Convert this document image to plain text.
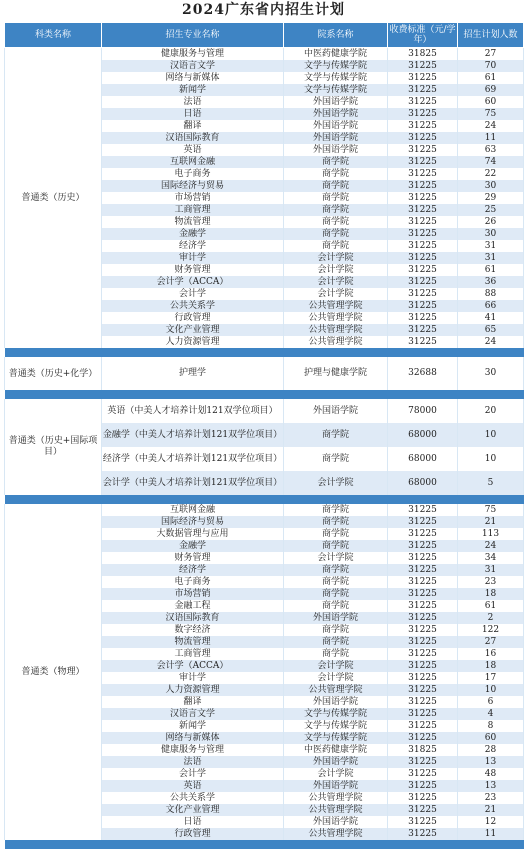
2024广东省内招生计划
科类名称	招生专业名称	院系名称	收费标准（元/学年）	招生计划人数
普通类（历史）	健康服务与管理	中医药健康学院	31825	27
	汉语言文学	文学与传媒学院	31225	70
	网络与新媒体	文学与传媒学院	31225	61
	新闻学	文学与传媒学院	31225	69
	法语	外国语学院	31225	60
	日语	外国语学院	31225	75
	翻译	外国语学院	31225	24
	汉语国际教育	外国语学院	31225	11
	英语	外国语学院	31225	63
	互联网金融	商学院	31225	74
	电子商务	商学院	31225	22
	国际经济与贸易	商学院	31225	30
	市场营销	商学院	31225	29
	工商管理	商学院	31225	25
	物流管理	商学院	31225	26
	金融学	商学院	31225	30
	经济学	商学院	31225	31
	审计学	会计学院	31225	31
	财务管理	会计学院	31225	61
	会计学（ACCA）	会计学院	31225	36
	会计学	会计学院	31225	88
	公共关系学	公共管理学院	31225	66
	行政管理	公共管理学院	31225	41
	文化产业管理	公共管理学院	31225	65
	人力资源管理	公共管理学院	31225	24

普通类（历史+化学）	护理学	护理与健康学院	32688	30

普通类（历史+国际项目）	英语（中美人才培养计划121双学位项目）	外国语学院	78000	20
	金融学（中美人才培养计划121双学位项目）	商学院	68000	10
	经济学（中美人才培养计划121双学位项目）	商学院	68000	10
	会计学（中美人才培养计划121双学位项目）	会计学院	68000	5

普通类（物理）	互联网金融	商学院	31225	75
	国际经济与贸易	商学院	31225	21
	大数据管理与应用	商学院	31225	113
	金融学	商学院	31225	24
	财务管理	会计学院	31225	34
	经济学	商学院	31225	31
	电子商务	商学院	31225	23
	市场营销	商学院	31225	18
	金融工程	商学院	31225	61
	汉语国际教育	外国语学院	31225	2
	数字经济	商学院	31225	122
	物流管理	商学院	31225	27
	工商管理	商学院	31225	16
	会计学（ACCA）	会计学院	31225	18
	审计学	会计学院	31225	17
	人力资源管理	公共管理学院	31225	10
	翻译	外国语学院	31225	6
	汉语言文学	文学与传媒学院	31225	4
	新闻学	文学与传媒学院	31225	8
	网络与新媒体	文学与传媒学院	31225	60
	健康服务与管理	中医药健康学院	31825	28
	法语	外国语学院	31225	13
	会计学	会计学院	31225	48
	英语	外国语学院	31225	13
	公共关系学	公共管理学院	31225	23
	文化产业管理	公共管理学院	31225	21
	日语	外国语学院	31225	12
	行政管理	公共管理学院	31225	11
